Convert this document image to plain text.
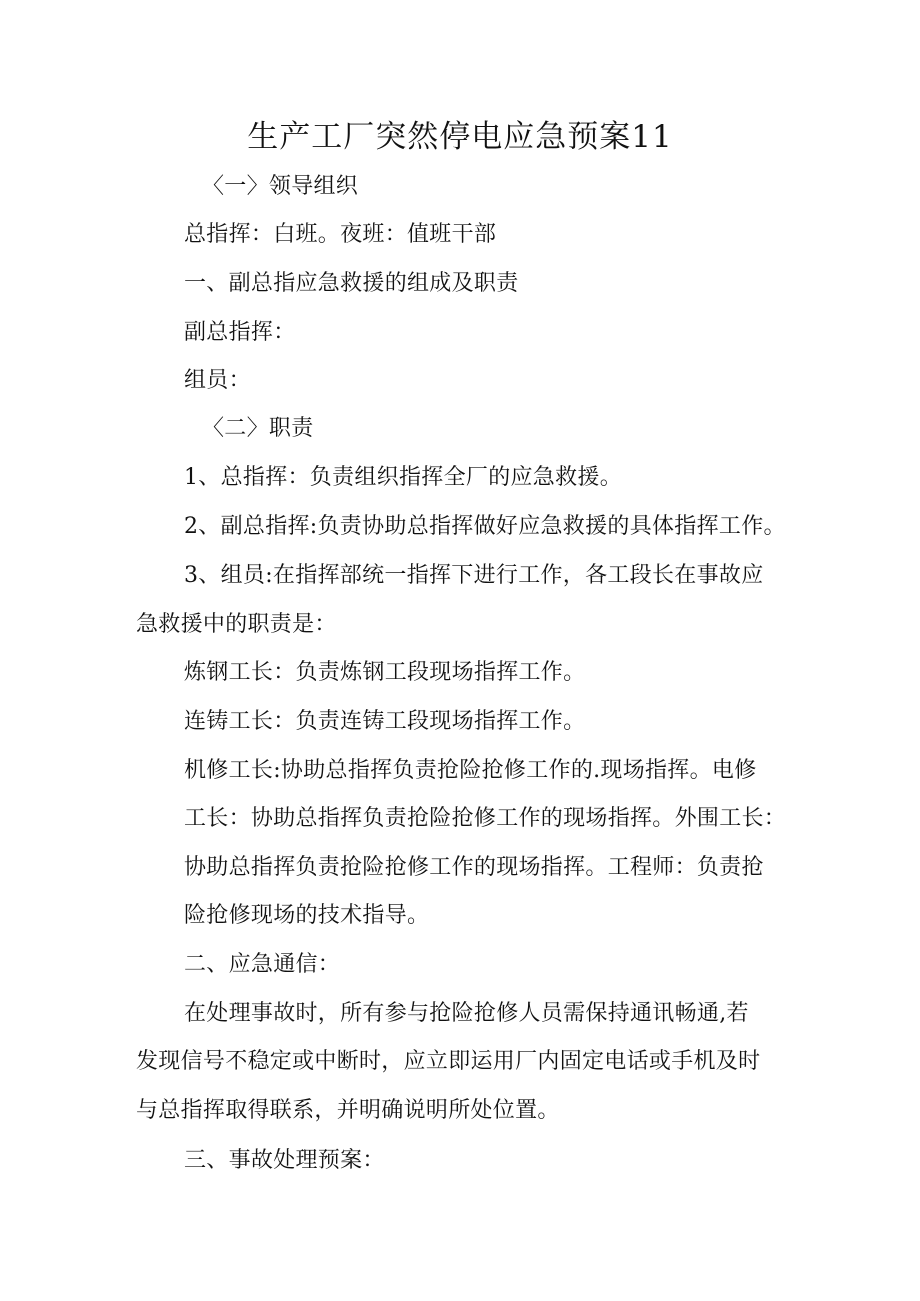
生产工厂突然停电应急预案11
〈一〉领导组织
总指挥：白班。夜班：值班干部
一、副总指应急救援的组成及职责
副总指挥：
组员：
〈二〉职责
1、总指挥：负责组织指挥全厂的应急救援。
2、副总指挥:负责协助总指挥做好应急救援的具体指挥工作。
3、组员:在指挥部统一指挥下进行工作，各工段长在事故应
急救援中的职责是：
炼钢工长：负责炼钢工段现场指挥工作。
连铸工长：负责连铸工段现场指挥工作。
机修工长:协助总指挥负责抢险抢修工作的.现场指挥。电修
工长：协助总指挥负责抢险抢修工作的现场指挥。外围工长：
协助总指挥负责抢险抢修工作的现场指挥。工程师：负责抢
险抢修现场的技术指导。
二、应急通信：
在处理事故时，所有参与抢险抢修人员需保持通讯畅通,若
发现信号不稳定或中断时，应立即运用厂内固定电话或手机及时
与总指挥取得联系，并明确说明所处位置。
三、事故处理预案：
